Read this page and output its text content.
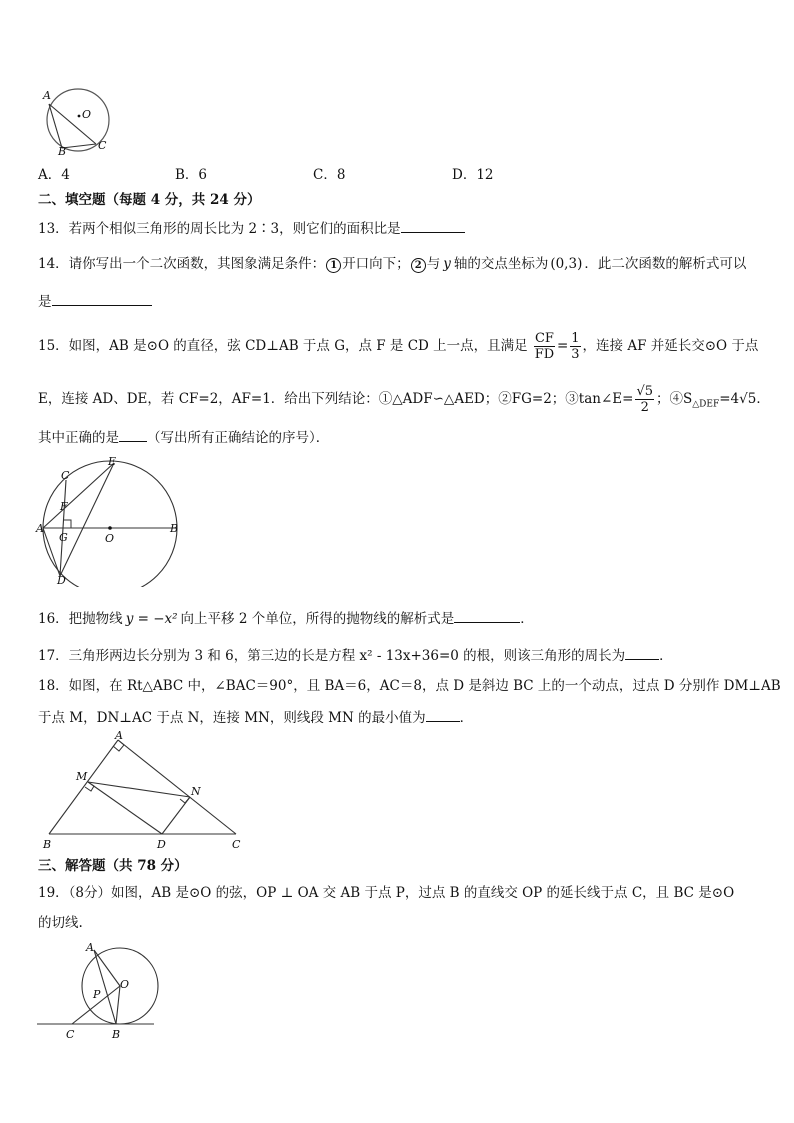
A
O
B	C
A．4	B．6	C．8	D．12
二、填空题（每题 4 分，共 24 分）
13．若两个相似三角形的周长比为 2∶3，则它们的面积比是
14．请你写出一个二次函数，其图象满足条件： 1 开口向下； 2 与 y 轴的交点坐标为 (0,3) ．此二次函数的解析式可以
是
15．如图，AB 是⊙O 的直径，弦 CD⊥AB 于点 G，点 F 是 CD 上一点，且满足 $\frac{CF}{FD} = \frac{1}{3}$ ，连接 AF 并延长交⊙O 于点
E，连接 AD、DE，若 CF=2，AF=1．给出下列结论：①△ADF∽△AED；②FG=2；③tan∠E= $\frac{√5}{2}$ ；$④S_{\triangle DEF}=4√5$．
其中正确的是 （写出所有正确结论的序号）．
C
E
F
A
G	O
B
D
16．把抛物线 y = −x² 向上平移 2 个单位，所得的抛物线的解析式是	．
17．三角形两边长分别为 3 和 6，第三边的长是方程 x² - 13x+36=0 的根，则该三角形的周长为	．
18．如图，在 Rt△ABC 中，∠BAC＝90°，且 BA＝6，AC＝8，点 D 是斜边 BC 上的一个动点，过点 D 分别作 DM⊥AB
于点 M，DN⊥AC 于点 N，连接 MN，则线段 MN 的最小值为	．
A
M
N
B	D	C
三、解答题（共 78 分）
19．（8分）如图，AB 是⊙O 的弦，OP ⊥ OA 交 AB 于点 P，过点 B 的直线交 OP 的延长线于点 C，且 BC 是⊙O
的切线.
A
O
P
C	B
